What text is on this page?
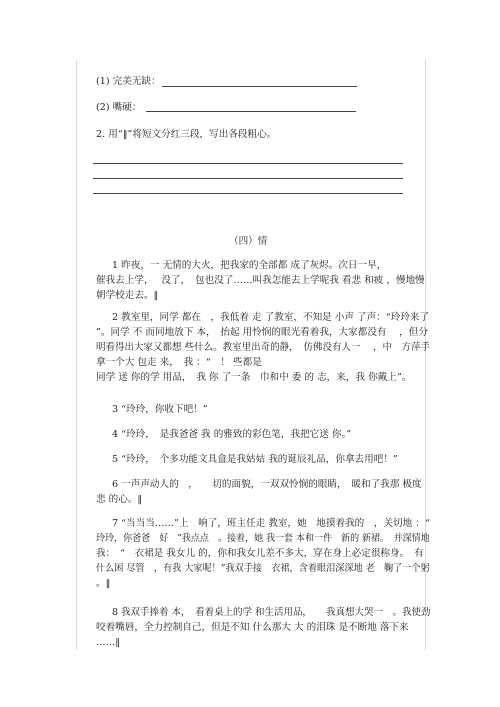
(1) 完美无缺：
(2) 嘴硬：
2. 用“‖”将短文分红三段，写出各段粗心。
（四）情
1 昨夜，一 无情的大火，把我家的全部都 成了灰烬。次日一早，
催我去上学，　 没了，　包也没了……叫我怎能去上学呢我 看悲 和疲 ，慢地 慢
朝学校走去。‖
2 教室里，同学 都在　，我低着 走 了教室，不知是 小声 了声：“玲玲来了
”。同学 不 而同地放下 本，　抬起 用怜悯的眼光看着我，大家都没有　 ，但分
明看得出大家又都想 些什么。教室里出奇的静，　仿佛没有人一　 ，中　方萍手
拿一个大 包走 来，　我 ：“　！ 些都是
同学 送 你的学 用品，　我 你 了一条　巾和中 委 的 志，来，我 你戴上”。
3 “玲玲，你收下吧！”
4 “玲玲，　是我爸爸 我 的雅致的彩色笔，我把它送 你。”
5 “玲玲，　个多功能文具盒是我姑姑 我的诞辰礼品，你拿去用吧！”
6 一声声动人的　，　　切的面貌，一双双怜悯的眼睛，　暖和了我那 极度
悲 的心。‖
7 “当当当……”上　响了，班主任走 教室，她　地摸着我的　，关切地 ：“
玲玲，你爸爸　好　”我点点　。接着，她 我一套 本和一件　新的 新裙。　并深情地
我：　“　衣裙是 我女儿 的，你和我女儿差不多大，穿在身上必定很称身。　有
什么困 尽管　，有我 大家呢！”我双手接　衣裙，含着眼泪深深地 老　鞠了一个躬
。‖
8 我双手捧着 本，　看着桌上的学 和生活用品，　　我真想大哭一　。我使劲
咬着嘴唇，全力控制自己，但是不知 什么那大 大 的泪珠 是不断地 落下来
……‖
